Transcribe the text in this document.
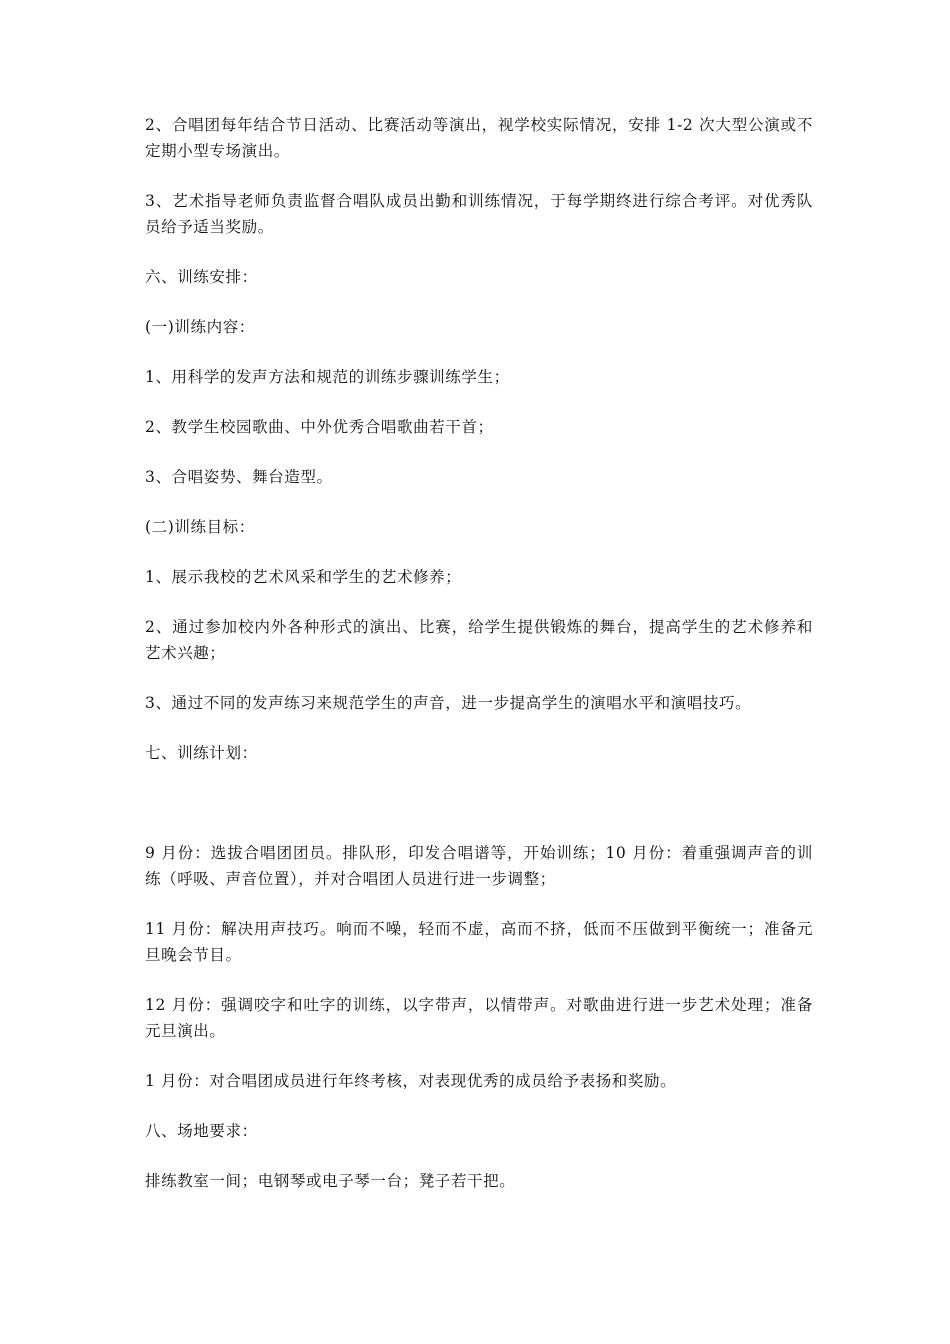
2、合唱团每年结合节日活动、比赛活动等演出，视学校实际情况，安排 1-2 次大型公演或不定期小型专场演出。

3、艺术指导老师负责监督合唱队成员出勤和训练情况，于每学期终进行综合考评。对优秀队员给予适当奖励。

六、训练安排：

(一)训练内容：

1、用科学的发声方法和规范的训练步骤训练学生；

2、教学生校园歌曲、中外优秀合唱歌曲若干首；

3、合唱姿势、舞台造型。

(二)训练目标：

1、展示我校的艺术风采和学生的艺术修养；

2、通过参加校内外各种形式的演出、比赛，给学生提供锻炼的舞台，提高学生的艺术修养和艺术兴趣；

3、通过不同的发声练习来规范学生的声音，进一步提高学生的演唱水平和演唱技巧。

七、训练计划：

9 月份：选拔合唱团团员。排队形，印发合唱谱等，开始训练；10 月份：着重强调声音的训练（呼吸、声音位置），并对合唱团人员进行进一步调整；

11 月份：解决用声技巧。响而不噪，轻而不虚，高而不挤，低而不压做到平衡统一；准备元旦晚会节目。

12 月份：强调咬字和吐字的训练，以字带声，以情带声。对歌曲进行进一步艺术处理；准备元旦演出。

1 月份：对合唱团成员进行年终考核，对表现优秀的成员给予表扬和奖励。

八、场地要求：

排练教室一间；电钢琴或电子琴一台；凳子若干把。
